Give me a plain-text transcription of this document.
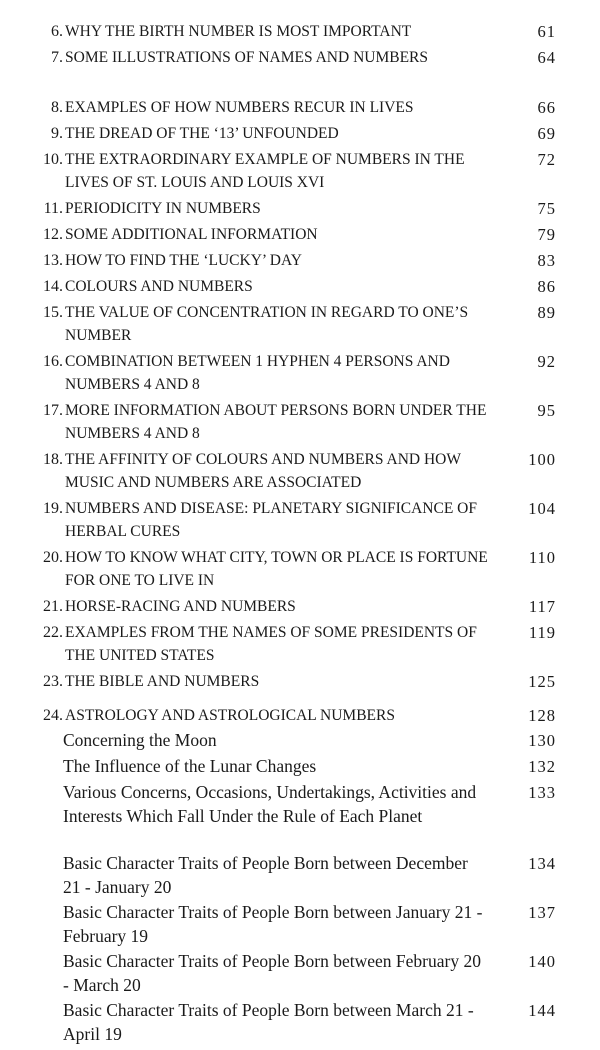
6. WHY THE BIRTH NUMBER IS MOST IMPORTANT	61
7. SOME ILLUSTRATIONS OF NAMES AND NUMBERS	64
8. EXAMPLES OF HOW NUMBERS RECUR IN LIVES	66
9. THE DREAD OF THE ‘13’ UNFOUNDED	69
10. THE EXTRAORDINARY EXAMPLE OF NUMBERS IN THE LIVES OF ST. LOUIS AND LOUIS XVI
72
11. PERIODICITY IN NUMBERS	75
12. SOME ADDITIONAL INFORMATION	79
13. HOW TO FIND THE ‘LUCKY’ DAY	83
14. COLOURS AND NUMBERS	86
15. THE VALUE OF CONCENTRATION IN REGARD TO ONE’S NUMBER
89
16. COMBINATION BETWEEN 1 HYPHEN 4 PERSONS AND NUMBERS 4 AND 8
92
17. MORE INFORMATION ABOUT PERSONS BORN UNDER THE NUMBERS 4 AND 8
95
18. THE AFFINITY OF COLOURS AND NUMBERS AND HOW MUSIC AND NUMBERS ARE ASSOCIATED
100
19. NUMBERS AND DISEASE: PLANETARY SIGNIFICANCE OF HERBAL CURES
104
20. HOW TO KNOW WHAT CITY, TOWN OR PLACE IS FORTUNE FOR ONE TO LIVE IN
110
21. HORSE-RACING AND NUMBERS	117
22. EXAMPLES FROM THE NAMES OF SOME PRESIDENTS OF THE UNITED STATES
119
23. THE BIBLE AND NUMBERS	125
24. ASTROLOGY AND ASTROLOGICAL NUMBERS	128
Concerning the Moon	130
The Influence of the Lunar Changes	132
Various Concerns, Occasions, Undertakings, Activities and Interests Which Fall Under the Rule of Each Planet
133
Basic Character Traits of People Born between December 21 - January 20
134
Basic Character Traits of People Born between January 21 - February 19
137
Basic Character Traits of People Born between February 20 - March 20
140
Basic Character Traits of People Born between March 21 - April 19
144
